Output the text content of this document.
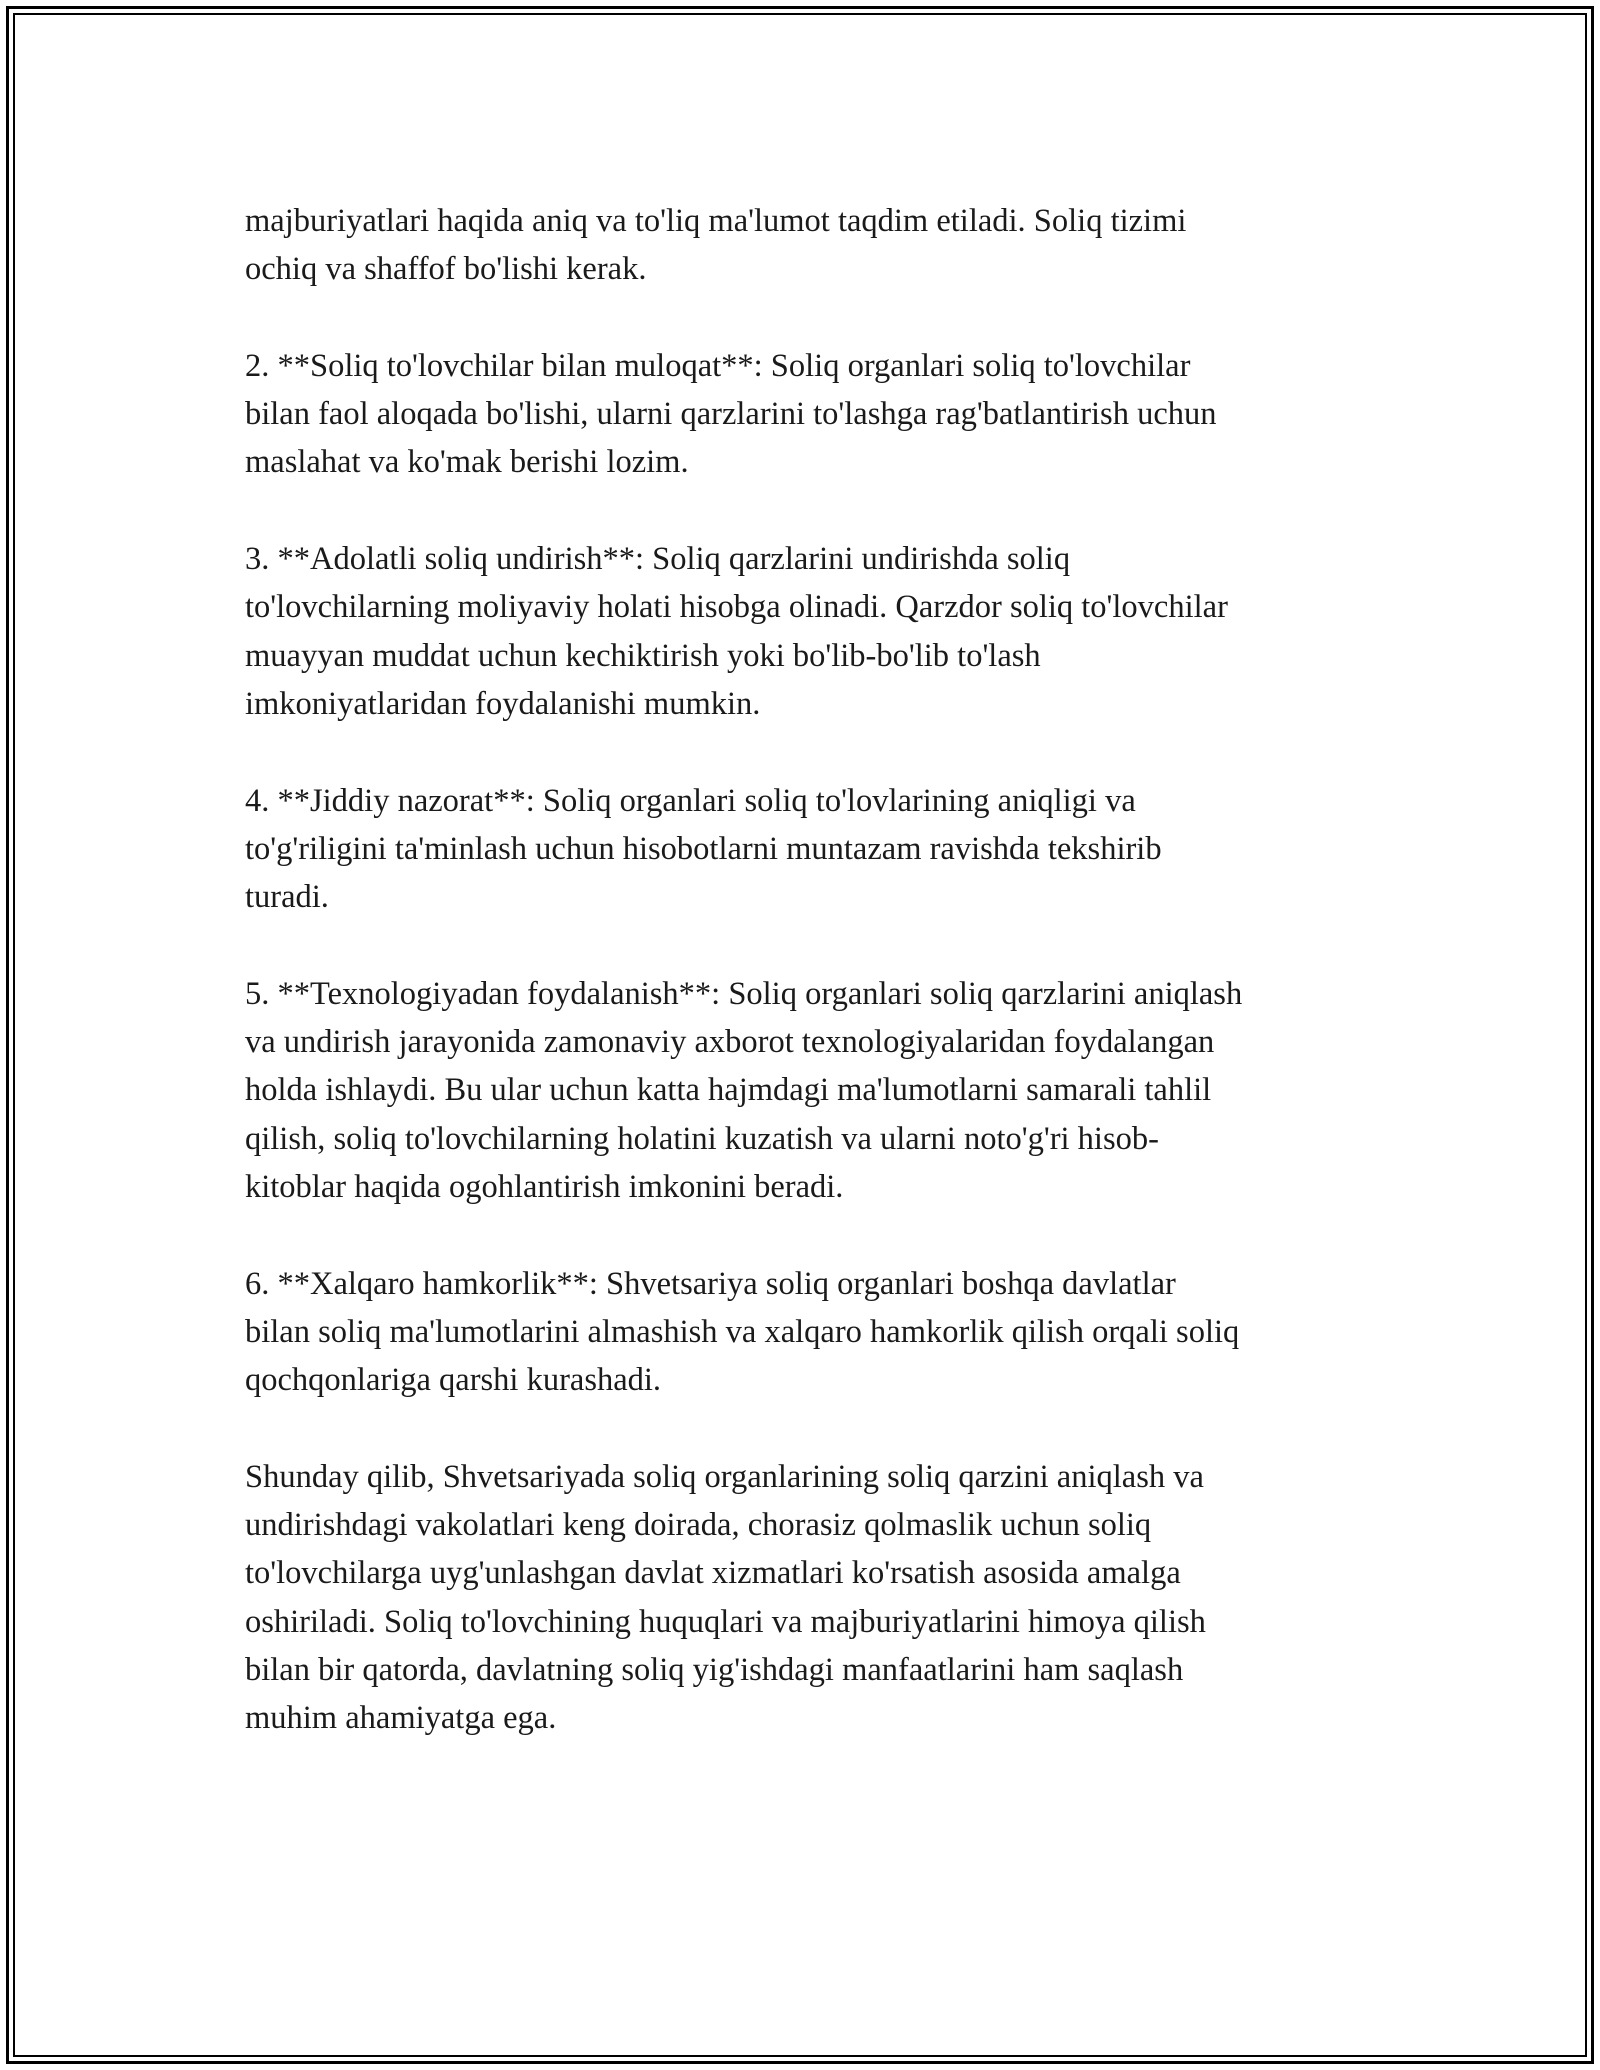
majburiyatlari haqida aniq va to'liq ma'lumot taqdim etiladi. Soliq tizimi
ochiq va shaffof bo'lishi kerak.

2. **Soliq to'lovchilar bilan muloqat**: Soliq organlari soliq to'lovchilar
bilan faol aloqada bo'lishi, ularni qarzlarini to'lashga rag'batlantirish uchun
maslahat va ko'mak berishi lozim.

3. **Adolatli soliq undirish**: Soliq qarzlarini undirishda soliq
to'lovchilarning moliyaviy holati hisobga olinadi. Qarzdor soliq to'lovchilar
muayyan muddat uchun kechiktirish yoki bo'lib-bo'lib to'lash
imkoniyatlaridan foydalanishi mumkin.

4. **Jiddiy nazorat**: Soliq organlari soliq to'lovlarining aniqligi va
to'g'riligini ta'minlash uchun hisobotlarni muntazam ravishda tekshirib
turadi.

5. **Texnologiyadan foydalanish**: Soliq organlari soliq qarzlarini aniqlash
va undirish jarayonida zamonaviy axborot texnologiyalaridan foydalangan
holda ishlaydi. Bu ular uchun katta hajmdagi ma'lumotlarni samarali tahlil
qilish, soliq to'lovchilarning holatini kuzatish va ularni noto'g'ri hisob-
kitoblar haqida ogohlantirish imkonini beradi.

6. **Xalqaro hamkorlik**: Shvetsariya soliq organlari boshqa davlatlar
bilan soliq ma'lumotlarini almashish va xalqaro hamkorlik qilish orqali soliq
qochqonlariga qarshi kurashadi.

Shunday qilib, Shvetsariyada soliq organlarining soliq qarzini aniqlash va
undirishdagi vakolatlari keng doirada, chorasiz qolmaslik uchun soliq
to'lovchilarga uyg'unlashgan davlat xizmatlari ko'rsatish asosida amalga
oshiriladi. Soliq to'lovchining huquqlari va majburiyatlarini himoya qilish
bilan bir qatorda, davlatning soliq yig'ishdagi manfaatlarini ham saqlash
muhim ahamiyatga ega.
